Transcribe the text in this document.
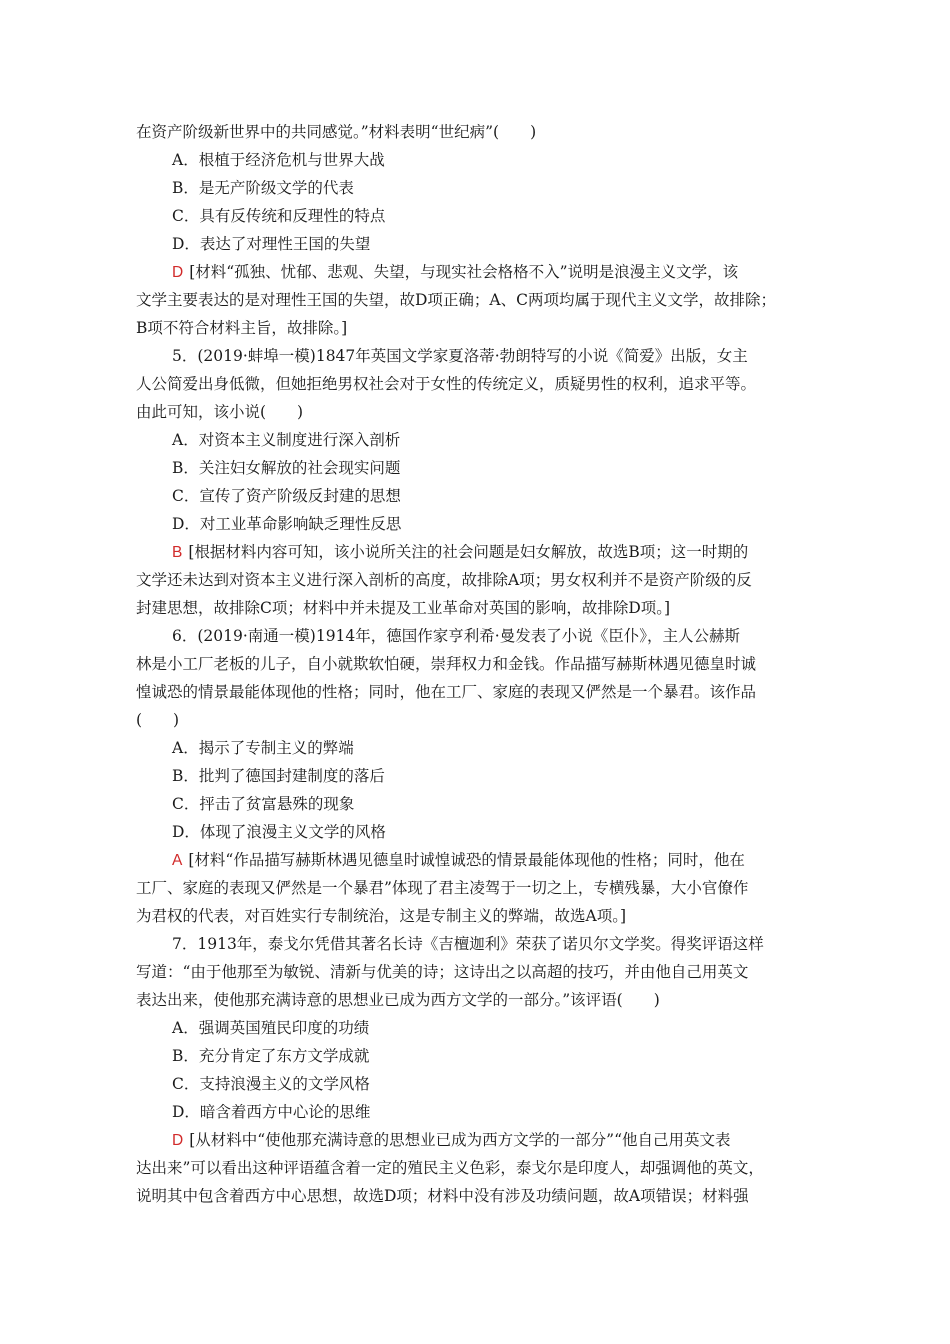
在资产阶级新世界中的共同感觉。”材料表明“世纪病”(　　)
A．根植于经济危机与世界大战
B．是无产阶级文学的代表
C．具有反传统和反理性的特点
D．表达了对理性王国的失望
D [材料“孤独、忧郁、悲观、失望，与现实社会格格不入”说明是浪漫主义文学，该
文学主要表达的是对理性王国的失望，故D项正确；A、C两项均属于现代主义文学，故排除；
B项不符合材料主旨，故排除。]
5．(2019·蚌埠一模)1847年英国文学家夏洛蒂·勃朗特写的小说《简爱》出版，女主
人公简爱出身低微，但她拒绝男权社会对于女性的传统定义，质疑男性的权利，追求平等。
由此可知，该小说(　　)
A．对资本主义制度进行深入剖析
B．关注妇女解放的社会现实问题
C．宣传了资产阶级反封建的思想
D．对工业革命影响缺乏理性反思
B [根据材料内容可知，该小说所关注的社会问题是妇女解放，故选B项；这一时期的
文学还未达到对资本主义进行深入剖析的高度，故排除A项；男女权利并不是资产阶级的反
封建思想，故排除C项；材料中并未提及工业革命对英国的影响，故排除D项。]
6．(2019·南通一模)1914年，德国作家亨利希·曼发表了小说《臣仆》，主人公赫斯
林是小工厂老板的儿子，自小就欺软怕硬，崇拜权力和金钱。作品描写赫斯林遇见德皇时诚
惶诚恐的情景最能体现他的性格；同时，他在工厂、家庭的表现又俨然是一个暴君。该作品
(　　)
A．揭示了专制主义的弊端
B．批判了德国封建制度的落后
C．抨击了贫富悬殊的现象
D．体现了浪漫主义文学的风格
A [材料“作品描写赫斯林遇见德皇时诚惶诚恐的情景最能体现他的性格；同时，他在
工厂、家庭的表现又俨然是一个暴君”体现了君主凌驾于一切之上，专横残暴，大小官僚作
为君权的代表，对百姓实行专制统治，这是专制主义的弊端，故选A项。]
7．1913年，泰戈尔凭借其著名长诗《吉檀迦利》荣获了诺贝尔文学奖。得奖评语这样
写道：“由于他那至为敏锐、清新与优美的诗；这诗出之以高超的技巧，并由他自己用英文
表达出来，使他那充满诗意的思想业已成为西方文学的一部分。”该评语(　　)
A．强调英国殖民印度的功绩
B．充分肯定了东方文学成就
C．支持浪漫主义的文学风格
D．暗含着西方中心论的思维
D [从材料中“使他那充满诗意的思想业已成为西方文学的一部分”“他自己用英文表
达出来”可以看出这种评语蕴含着一定的殖民主义色彩，泰戈尔是印度人，却强调他的英文，
说明其中包含着西方中心思想，故选D项；材料中没有涉及功绩问题，故A项错误；材料强
